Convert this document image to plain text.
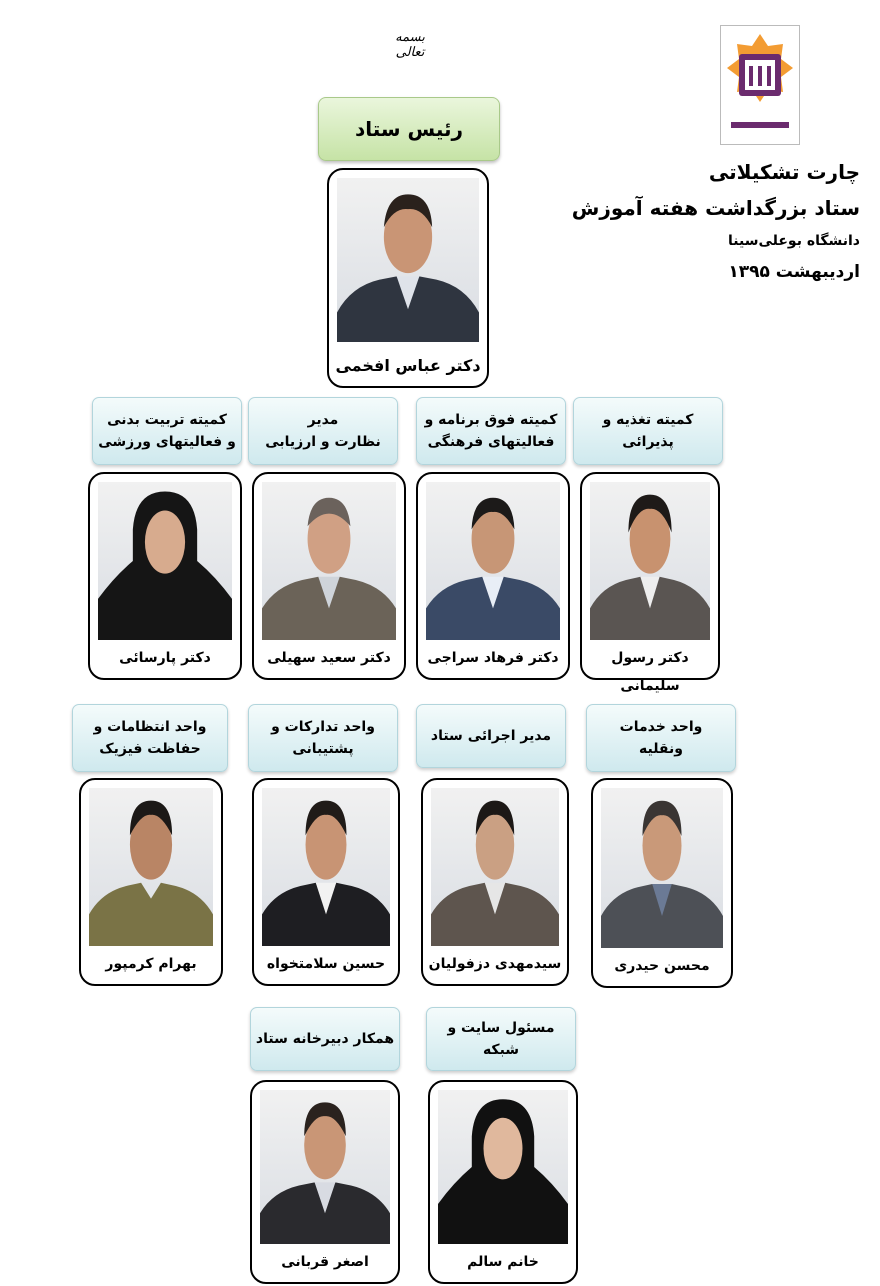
بسمه تعالی
چارت تشکیلاتی
ستاد بزرگداشت هفته آموزش
دانشگاه بوعلی‌سینا
اردیبهشت ۱۳۹۵
رئیس ستاد
دکتر عباس افخمی
کمیته تغذیه و
پذیرائی
کمیته فوق برنامه و
فعالیتهای فرهنگی
مدیر
نظارت و ارزیابی
کمیته تربیت بدنی
و فعالیتهای ورزشی
دکتر رسول سلیمانی
دکتر فرهاد سراجی
دکتر سعید سهیلی
دکتر پارسائی
واحد خدمات
ونقلیه
مدیر اجرائی ستاد
واحد تدارکات و
پشتیبانی
واحد انتظامات و
حفاظت فیزیک
محسن حیدری
سیدمهدی دزفولیان
حسین سلامتخواه
بهرام کرمپور
مسئول سایت و شبکه
همکار دبیرخانه ستاد
خانم سالم
اصغر قربانی
